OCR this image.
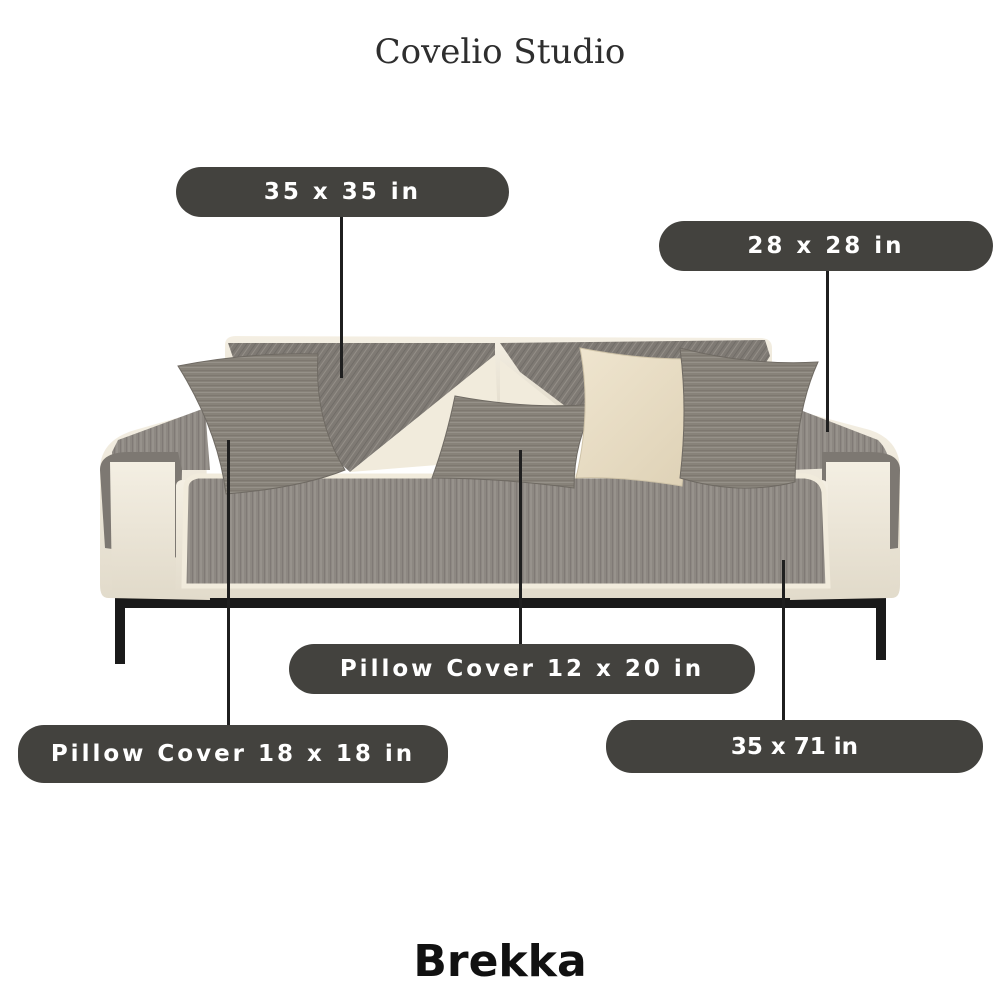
Covelio Studio
35 x 35 in
28 x 28 in
Pillow Cover 12 x 20 in
Pillow Cover 18 x 18 in	35 x 71 in
Brekka
